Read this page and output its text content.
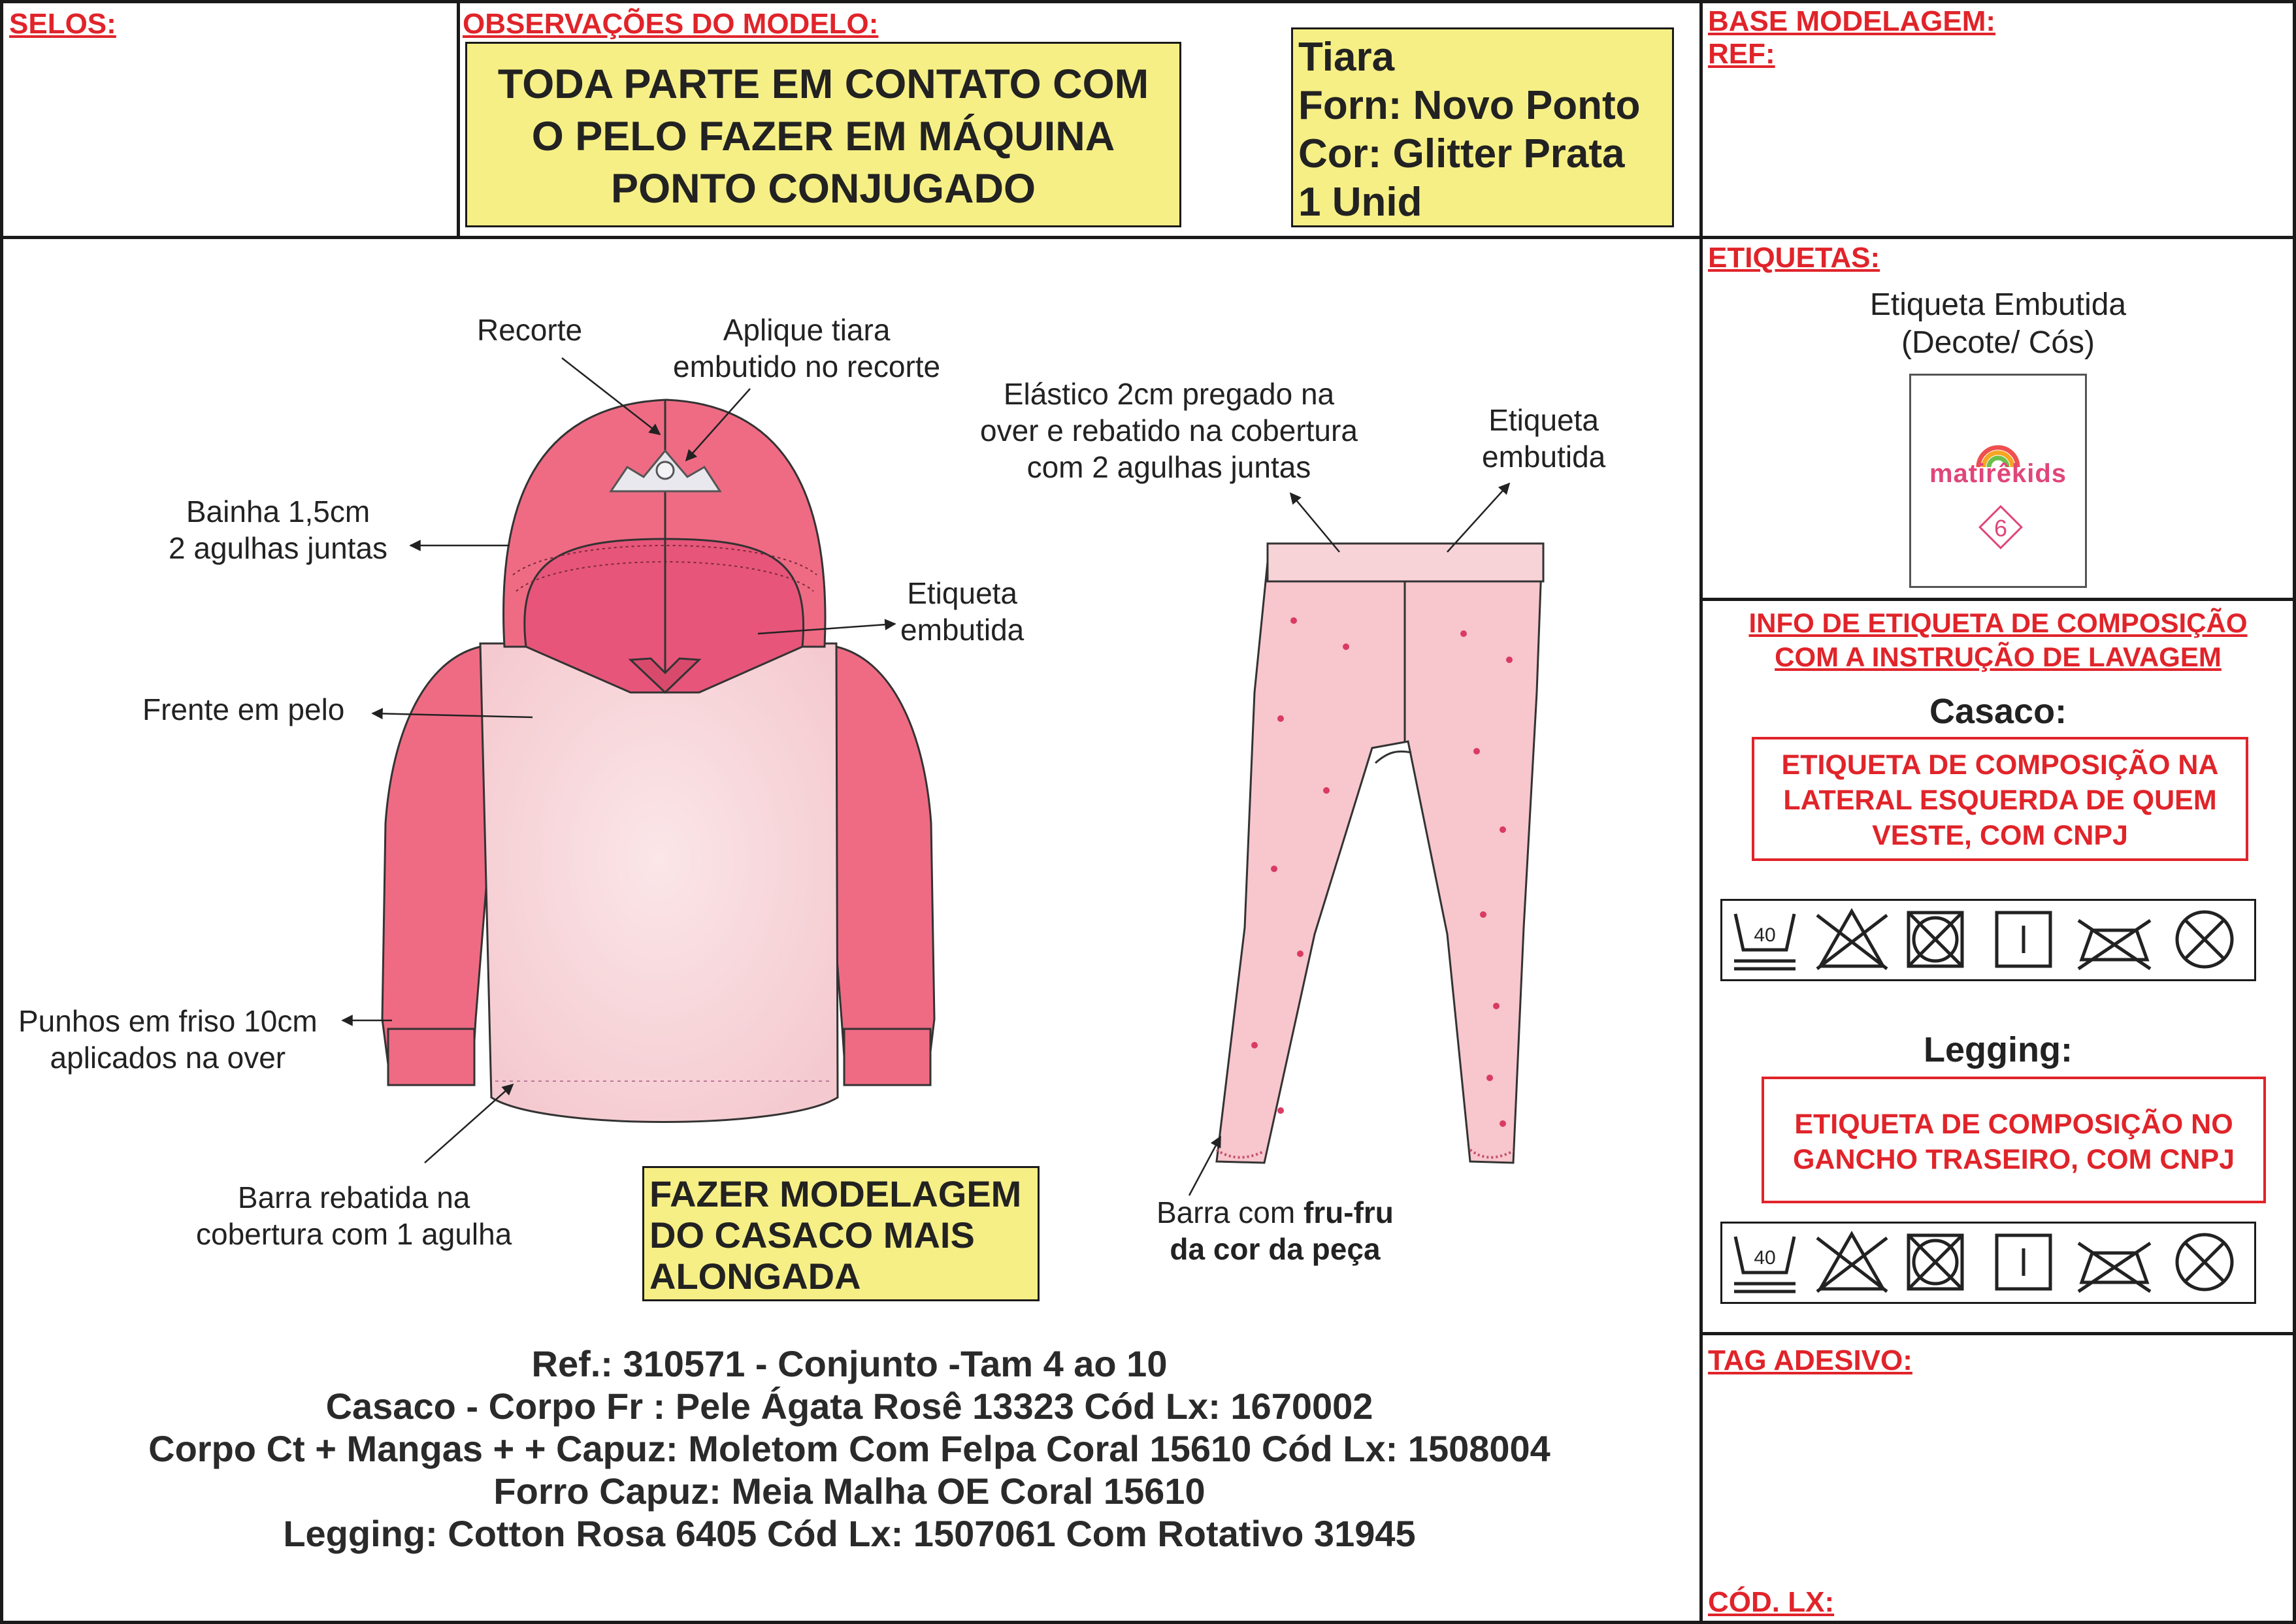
SELOS:	OBSERVAÇÕES DO MODELO:
TODA PARTE EM CONTATO COM
O PELO FAZER EM MÁQUINA
PONTO CONJUGADO
Tiara
Forn: Novo Ponto
Cor: Glitter Prata
1 Unid
BASE MODELAGEM:
REF:
Recorte	Aplique tiara
embutido no recorte
Bainha 1,5cm
2 agulhas juntas
Etiqueta
embutida
Frente em pelo
Punhos em friso 10cm
aplicados na over
Barra rebatida na
cobertura com 1 agulha
Elástico 2cm pregado na
over e rebatido na cobertura
com 2 agulhas juntas
Etiqueta
embutida
Barra com fru-fru
da cor da peça
FAZER MODELAGEM
DO CASACO MAIS
ALONGADA
Ref.: 310571 - Conjunto -Tam 4 ao 10
Casaco - Corpo Fr : Pele Ágata Rosê 13323 Cód Lx: 1670002
Corpo Ct + Mangas + + Capuz: Moletom Com Felpa Coral 15610 Cód Lx: 1508004
Forro Capuz: Meia Malha OE Coral 15610
Legging: Cotton Rosa 6405 Cód Lx: 1507061 Com Rotativo 31945
ETIQUETAS:
Etiqueta Embutida
(Decote/ Cós)
matirêkids
6
INFO DE ETIQUETA DE COMPOSIÇÃO
COM A INSTRUÇÃO DE LAVAGEM
Casaco:
ETIQUETA DE COMPOSIÇÃO NA
LATERAL ESQUERDA DE QUEM
VESTE, COM CNPJ
40
Legging:
ETIQUETA DE COMPOSIÇÃO NO
GANCHO TRASEIRO, COM CNPJ
40
TAG ADESIVO:
CÓD. LX:
